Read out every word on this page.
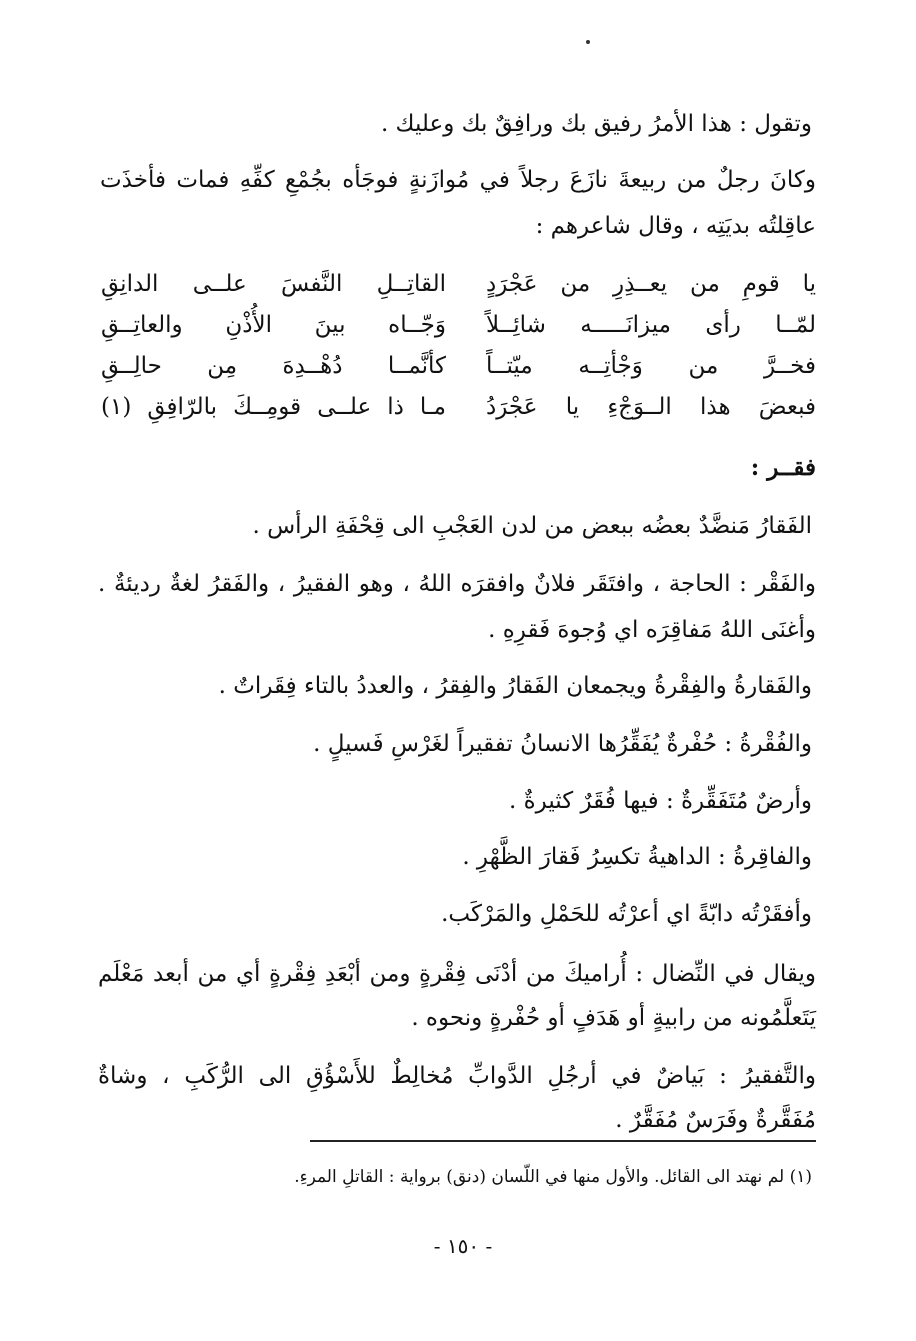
وتقول : هذا الأمرُ رفيق بك ورافِقٌ بك وعليك .
وكانَ رجلٌ من ربيعةَ نازَعَ رجلاً في مُوازَنةٍ فوجَأه بجُمْعِ كفِّهِ فمات فأخذَت
عاقِلتُه بديَتِه ، وقال شاعرهم :
يا قومِ من يعــذِرِ من عَجْرَدٍ
القاتِــلِ النَّفسَ علــى الدانِقِ
لمّــا رأى ميزانَـــــه شائِــلاً
وَجّــاه بينَ الأُذْنِ والعاتِــقِ
فخــرَّ من وَجْأتِــه ميّتــاً
كأنَّمــا دُهْــدِهَ مِن حالِــقِ
فبعضَ هذا الــوَجْءِ يا عَجْرَدُ
مـا ذا علــى قومِــكَ بالرّافِقِ (١)
فقــر :
الفَقارُ مَنضَّدٌ بعضُه ببعض من لدن العَجْبِ الى قِحْفَةِ الرأس .
والفَقْر : الحاجة ، وافتَقَر فلانٌ وافقرَه اللهُ ، وهو الفقيرُ ، والفَقرُ لغةٌ رديئةٌ .
وأغنَى اللهُ مَفاقِرَه اي وُجوهَ فَقرِهِ .
والفَقارةُ والفِقْرةُ ويجمعان الفَقارُ والفِقرُ ، والعددُ بالتاء فِقَراتٌ .
والفُقْرةُ : حُفْرةٌ يُفَقِّرُها الانسانُ تفقيراً لغَرْسِ فَسيلٍ .
وأرضٌ مُتَفَقِّرةٌ : فيها فُقَرٌ كثيرةٌ .
والفاقِرةُ : الداهيةُ تكسِرُ فَقارَ الظَّهْرِ .
وأفقَرْتُه دابّةً اي أعرْتُه للحَمْلِ والمَرْكَب.
ويقال في النِّضال : أُراميكَ من أدْنَى فِقْرةٍ ومن أبْعَدِ فِقْرةٍ أي من أبعد مَعْلَم
يَتَعلَّمُونه من رابيةٍ أو هَدَفٍ أو حُفْرةٍ ونحوه .
والتَّفقيرُ : بَياضٌ في أرجُلِ الدَّوابِّ مُخالِطٌ للأَسْؤُقِ الى الرُّكَبِ ، وشاةٌ
مُفَقَّرةٌ وفَرَسٌ مُفَقَّرٌ .
(١) لم نهتد الى القائل. والأول منها في اللّسان (دنق) برواية : القاتلِ المرءِ.
- ١٥٠ -
